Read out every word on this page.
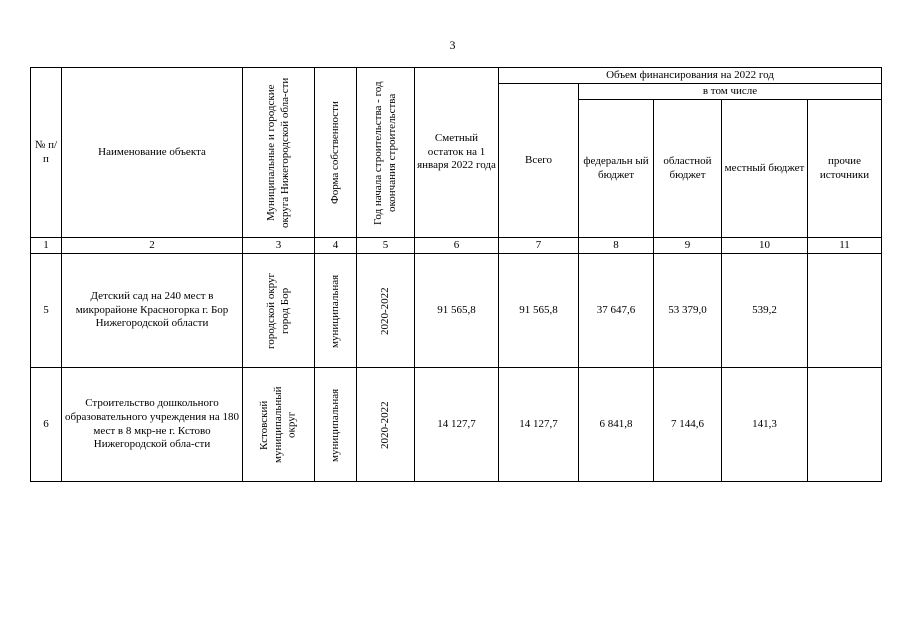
3
№ п/п	Наименование объекта	Муниципальные и городские округа Нижегородской обла-сти	Форма собственности	Год начала строительства - год окончания строительства	Сметный остаток на 1 января 2022 года	Объем финансирования на 2022 год				
						Всего	в том числе			
							федеральн ый бюджет	областной бюджет	местный бюджет	прочие источники
1	2	3	4	5	6	7	8	9	10	11
5	Детский сад на 240 мест в микрорайоне Красногорка г. Бор Нижегородской области	городской округ город Бор	муниципальная	2020-2022	91 565,8	91 565,8	37 647,6	53 379,0	539,2	
6	Строительство дошкольного образовательного учреждения на 180 мест в 8 мкр-не г. Кстово Нижегородской обла-сти	Кстовский муниципальный округ	муниципальная	2020-2022	14 127,7	14 127,7	6 841,8	7 144,6	141,3	
